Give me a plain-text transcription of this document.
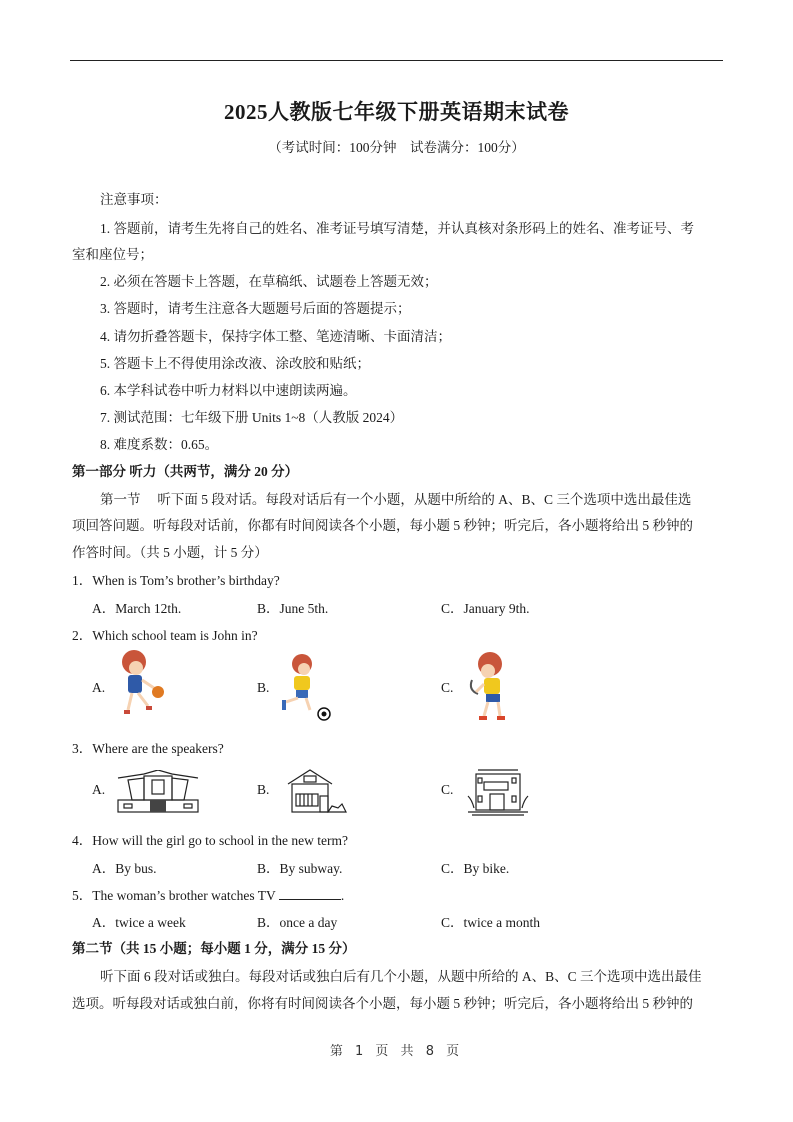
2025人教版七年级下册英语期末试卷
（考试时间：100分钟　试卷满分：100分）
注意事项：
1. 答题前，请考生先将自己的姓名、准考证号填写清楚，并认真核对条形码上的姓名、准考证号、考
室和座位号；
2. 必须在答题卡上答题，在草稿纸、试题卷上答题无效；
3. 答题时，请考生注意各大题题号后面的答题提示；
4. 请勿折叠答题卡，保持字体工整、笔迹清晰、卡面清洁；
5. 答题卡上不得使用涂改液、涂改胶和贴纸；
6. 本学科试卷中听力材料以中速朗读两遍。
7. 测试范围：七年级下册 Units 1~8（人教版 2024）
8. 难度系数：0.65。
第一部分 听力（共两节，满分 20 分）
第一节　 听下面 5 段对话。每段对话后有一个小题，从题中所给的 A、B、C 三个选项中选出最佳选
项回答问题。听每段对话前，你都有时间阅读各个小题，每小题 5 秒钟；听完后，各小题将给出 5 秒钟的
作答时间。（共 5 小题，计 5 分）
1．When is Tom’s brother’s birthday?
A．March 12th.	B．June 5th.	C．January 9th.
2．Which school team is John in?
A.	B.	C.
3．Where are the speakers?
A.	B.	C.
4．How will the girl go to school in the new term?
A．By bus.	B．By subway.	C．By bike.
5．The woman’s brother watches TV	.
A．twice a week	B．once a day	C．twice a month
第二节（共 15 小题；每小题 1 分，满分 15 分）
听下面 6 段对话或独白。每段对话或独白后有几个小题，从题中所给的 A、B、C 三个选项中选出最佳
选项。听每段对话或独白前，你将有时间阅读各个小题，每小题 5 秒钟；听完后，各小题将给出 5 秒钟的
第 1 页 共 8 页
